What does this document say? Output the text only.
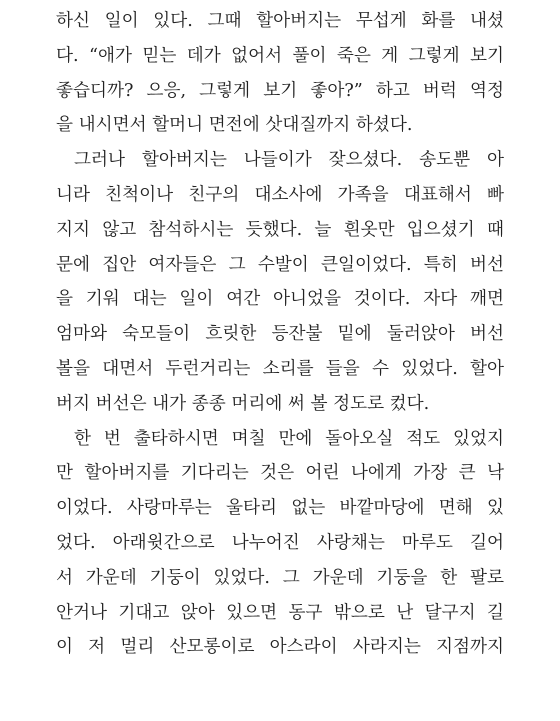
하신 일이 있다. 그때 할아버지는 무섭게 화를 내셨
다. “애가 믿는 데가 없어서 풀이 죽은 게 그렇게 보기
좋습디까? 으응, 그렇게 보기 좋아?” 하고 버럭 역정
을 내시면서 할머니 면전에 삿대질까지 하셨다.
그러나 할아버지는 나들이가 잦으셨다. 송도뿐 아
니라 친척이나 친구의 대소사에 가족을 대표해서 빠
지지 않고 참석하시는 듯했다. 늘 흰옷만 입으셨기 때
문에 집안 여자들은 그 수발이 큰일이었다. 특히 버선
을 기워 대는 일이 여간 아니었을 것이다. 자다 깨면
엄마와 숙모들이 흐릿한 등잔불 밑에 둘러앉아 버선
볼을 대면서 두런거리는 소리를 들을 수 있었다. 할아
버지 버선은 내가 종종 머리에 써 볼 정도로 컸다.
한 번 출타하시면 며칠 만에 돌아오실 적도 있었지
만 할아버지를 기다리는 것은 어린 나에게 가장 큰 낙
이었다. 사랑마루는 울타리 없는 바깥마당에 면해 있
었다. 아래윗간으로 나누어진 사랑채는 마루도 길어
서 가운데 기둥이 있었다. 그 가운데 기둥을 한 팔로
안거나 기대고 앉아 있으면 동구 밖으로 난 달구지 길
이 저 멀리 산모롱이로 아스라이 사라지는 지점까지
